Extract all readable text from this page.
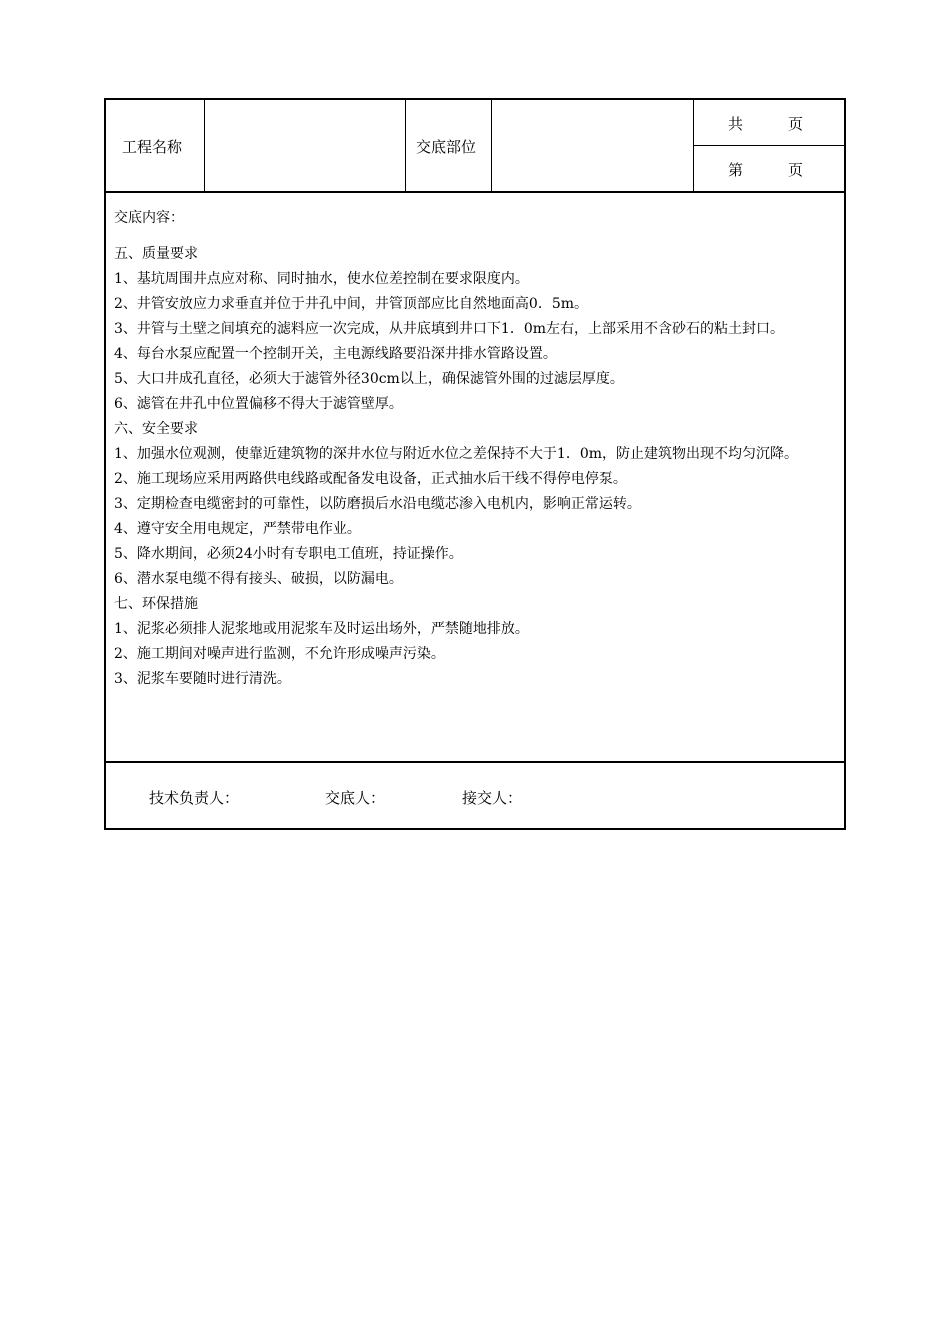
工程名称	交底部位
共　　　页
第　　　页

交底内容：

五、质量要求

1、基坑周围井点应对称、同时抽水，使水位差控制在要求限度内。

2、井管安放应力求垂直并位于井孔中间，井管顶部应比自然地面高0．5m。

3、井管与土壁之间填充的滤料应一次完成，从井底填到井口下1．0m左右，上部采用不含砂石的粘土封口。

4、每台水泵应配置一个控制开关，主电源线路要沿深井排水管路设置。

5、大口井成孔直径，必须大于滤管外径30cm以上，确保滤管外围的过滤层厚度。

6、滤管在井孔中位置偏移不得大于滤管壁厚。

六、安全要求

1、加强水位观测，使靠近建筑物的深井水位与附近水位之差保持不大于1．0m，防止建筑物出现不均匀沉降。

2、施工现场应采用两路供电线路或配备发电设备，正式抽水后干线不得停电停泵。

3、定期检查电缆密封的可靠性，以防磨损后水沿电缆芯渗入电机内，影响正常运转。

4、遵守安全用电规定，严禁带电作业。

5、降水期间，必须24小时有专职电工值班，持证操作。

6、潜水泵电缆不得有接头、破损，以防漏电。

七、环保措施

1、泥浆必须排人泥浆地或用泥浆车及时运出场外，严禁随地排放。

2、施工期间对噪声进行监测，不允许形成噪声污染。

3、泥浆车要随时进行清洗。

技术负责人：	交底人：	接交人：
